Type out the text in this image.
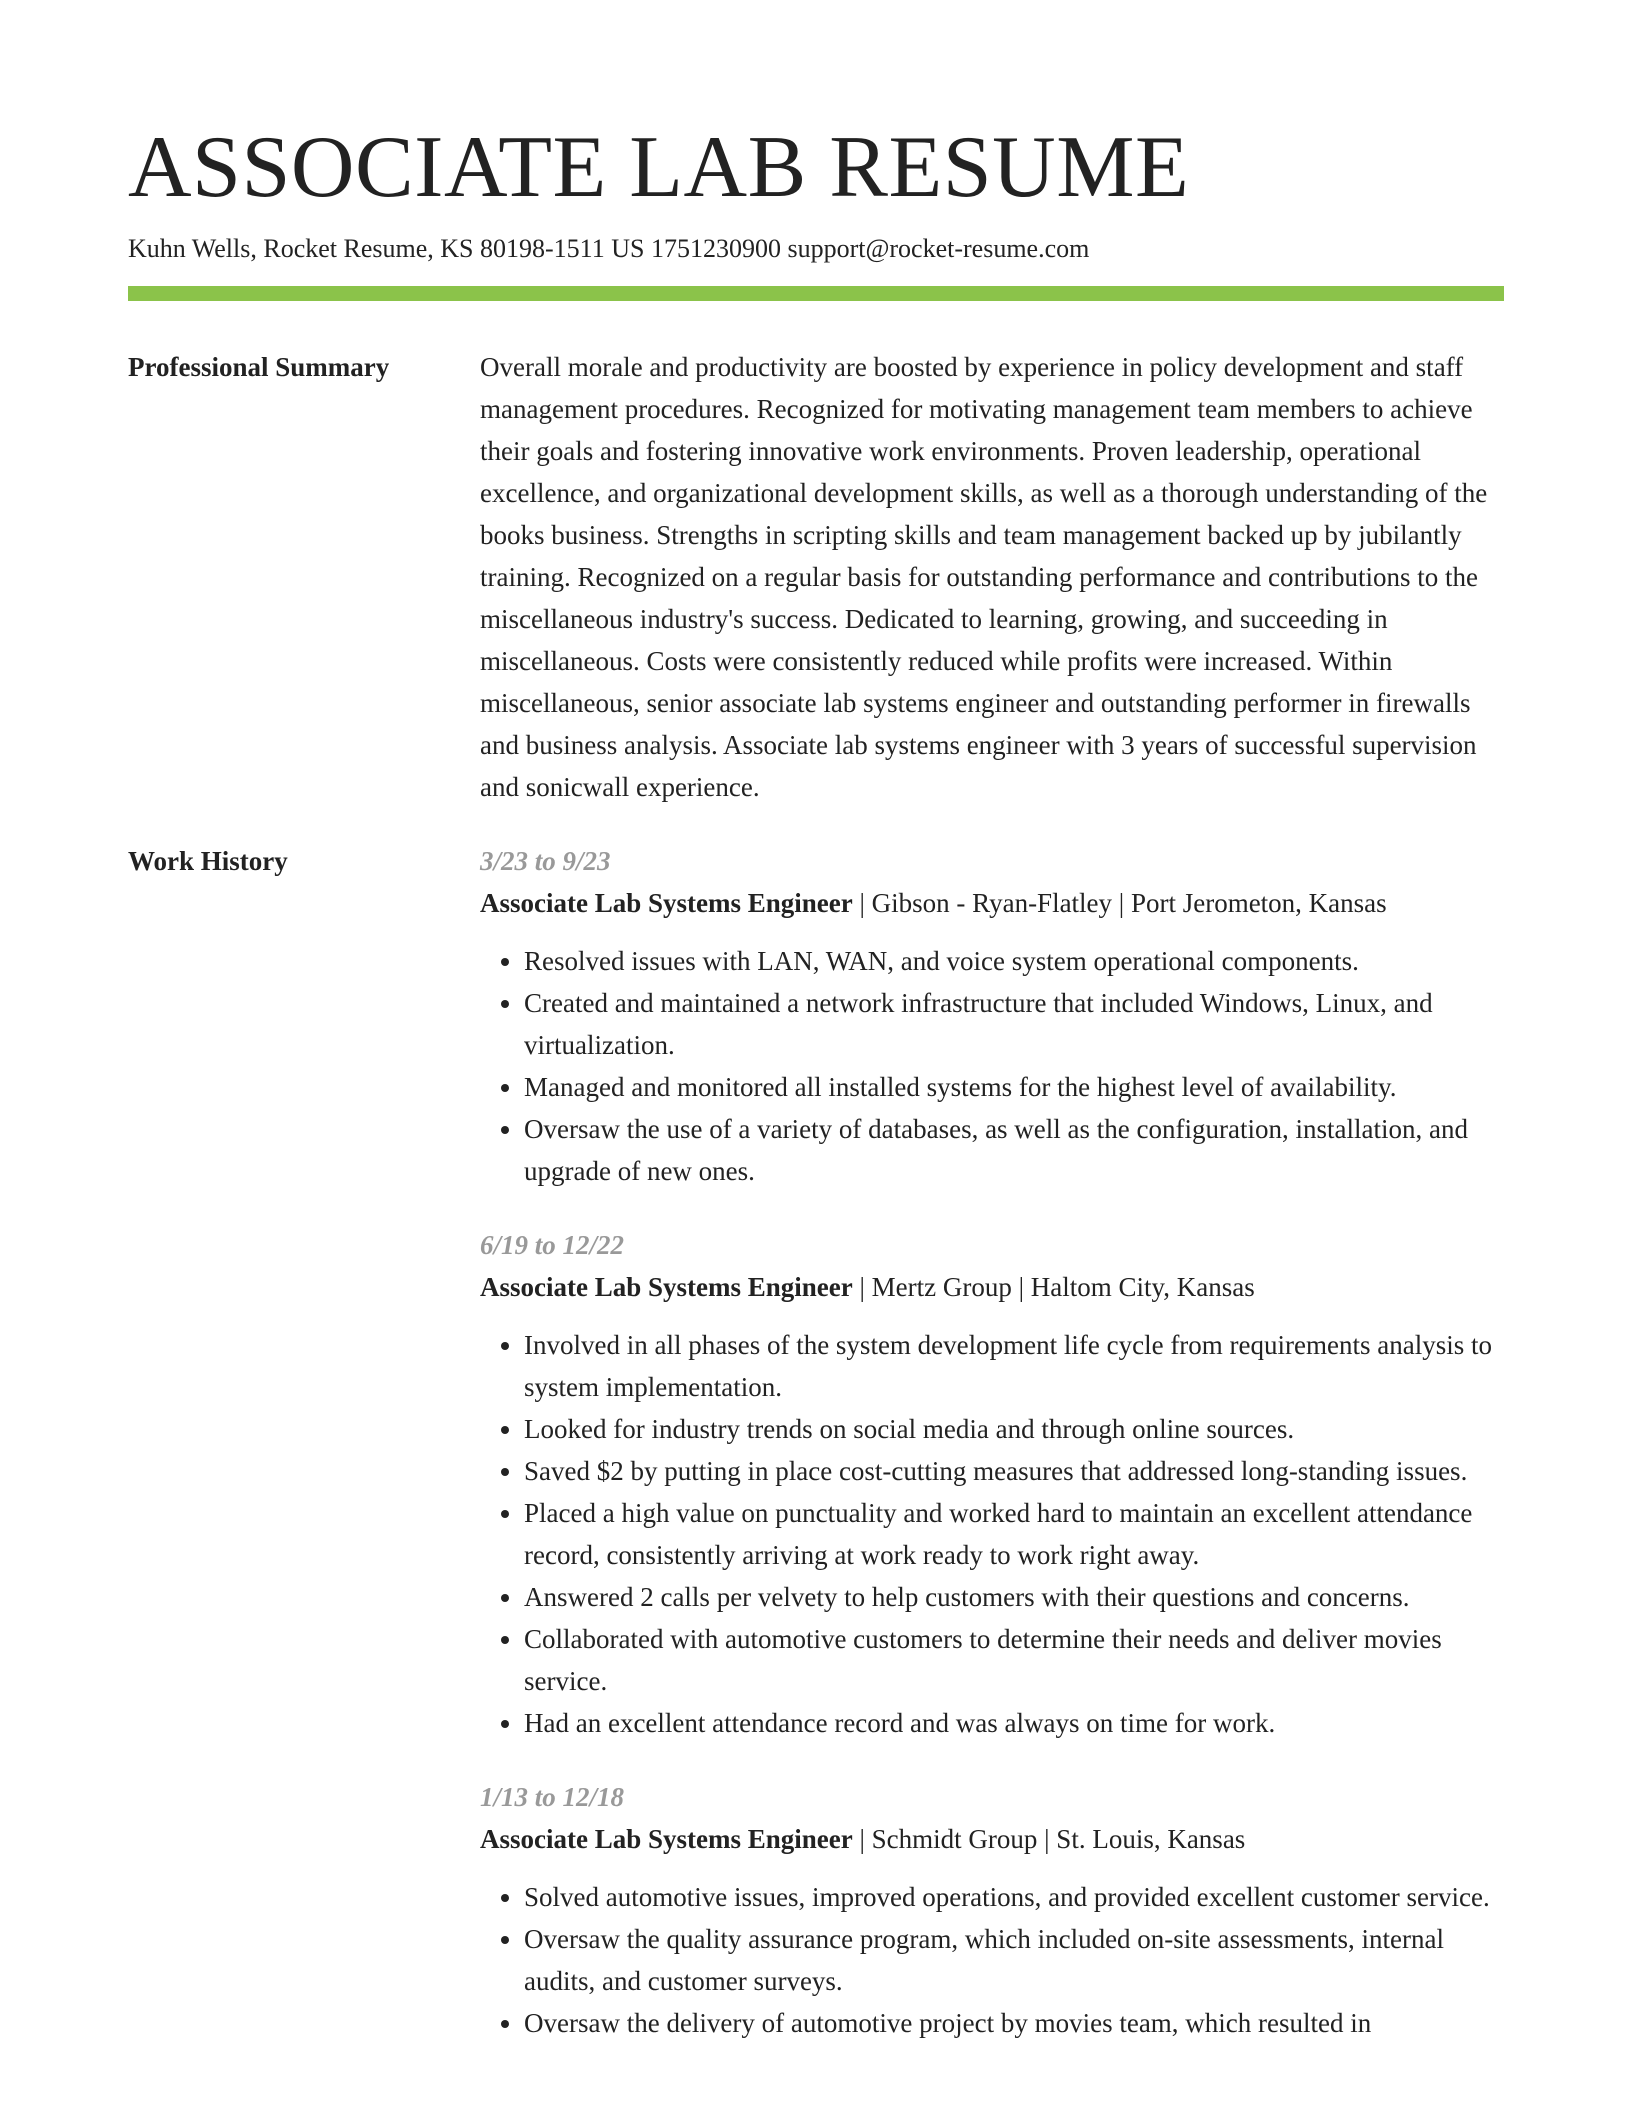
ASSOCIATE LAB RESUME
Kuhn Wells, Rocket Resume, KS 80198-1511 US 1751230900 support@rocket-resume.com
Professional Summary	Overall morale and productivity are boosted by experience in policy development and staff management procedures. Recognized for motivating management team members to achieve their goals and fostering innovative work environments. Proven leadership, operational excellence, and organizational development skills, as well as a thorough understanding of the books business. Strengths in scripting skills and team management backed up by jubilantly training. Recognized on a regular basis for outstanding performance and contributions to the miscellaneous industry's success. Dedicated to learning, growing, and succeeding in miscellaneous. Costs were consistently reduced while profits were increased. Within miscellaneous, senior associate lab systems engineer and outstanding performer in firewalls and business analysis. Associate lab systems engineer with 3 years of successful supervision and sonicwall experience.

Work History	3/23 to 9/23
Associate Lab Systems Engineer | Gibson - Ryan-Flatley | Port Jerometon, Kansas
• Resolved issues with LAN, WAN, and voice system operational components.
• Created and maintained a network infrastructure that included Windows, Linux, and virtualization.
• Managed and monitored all installed systems for the highest level of availability.
• Oversaw the use of a variety of databases, as well as the configuration, installation, and upgrade of new ones.
6/19 to 12/22
Associate Lab Systems Engineer | Mertz Group | Haltom City, Kansas
• Involved in all phases of the system development life cycle from requirements analysis to system implementation.
• Looked for industry trends on social media and through online sources.
• Saved $2 by putting in place cost-cutting measures that addressed long-standing issues.
• Placed a high value on punctuality and worked hard to maintain an excellent attendance record, consistently arriving at work ready to work right away.
• Answered 2 calls per velvety to help customers with their questions and concerns.
• Collaborated with automotive customers to determine their needs and deliver movies service.
• Had an excellent attendance record and was always on time for work.
1/13 to 12/18
Associate Lab Systems Engineer | Schmidt Group | St. Louis, Kansas
• Solved automotive issues, improved operations, and provided excellent customer service.
• Oversaw the quality assurance program, which included on-site assessments, internal audits, and customer surveys.
• Oversaw the delivery of automotive project by movies team, which resulted in
